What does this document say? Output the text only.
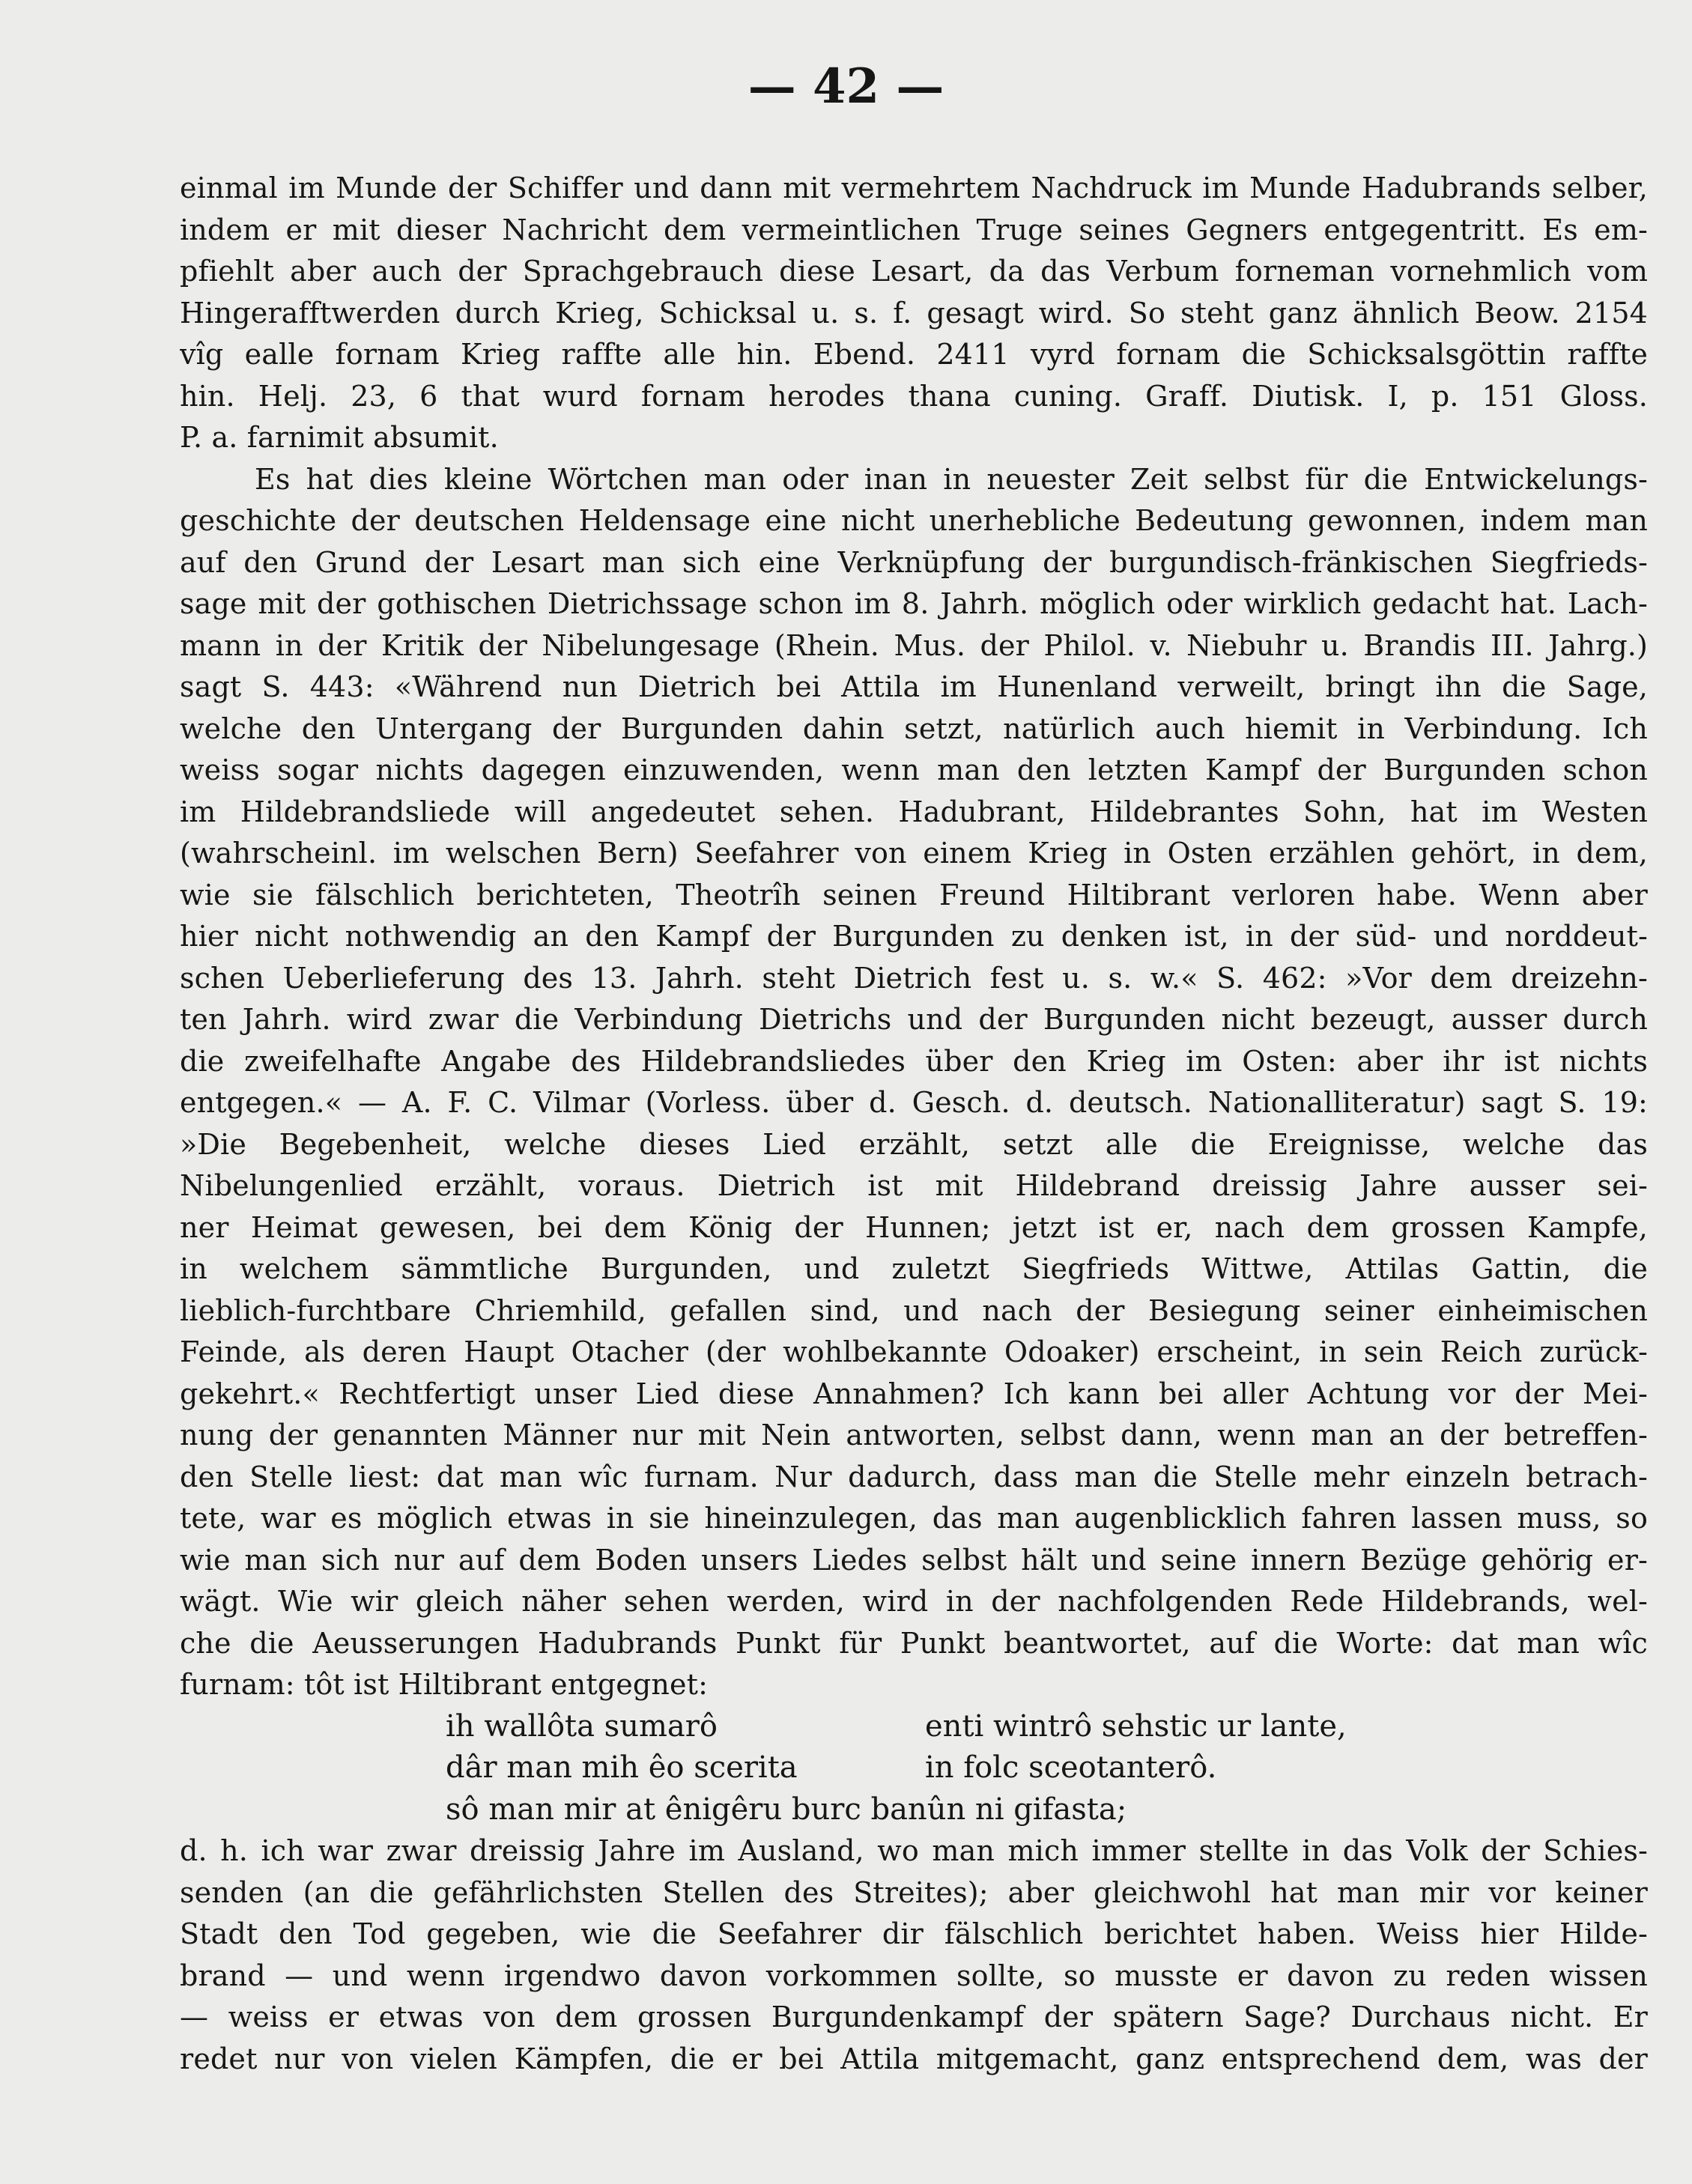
— 42 —
einmal im Munde der Schiffer und dann mit vermehrtem Nachdruck im Munde Hadubrands selber,
indem er mit dieser Nachricht dem vermeintlichen Truge seines Gegners entgegentritt. Es em-
pfiehlt aber auch der Sprachgebrauch diese Lesart, da das Verbum forneman vornehmlich vom
Hingerafftwerden durch Krieg, Schicksal u. s. f. gesagt wird. So steht ganz ähnlich Beow. 2154
vîg ealle fornam Krieg raffte alle hin. Ebend. 2411 vyrd fornam die Schicksalsgöttin raffte
hin. Helj. 23, 6 that wurd fornam herodes thana cuning. Graff. Diutisk. I, p. 151 Gloss.
P. a. farnimit absumit.
Es hat dies kleine Wörtchen man oder inan in neuester Zeit selbst für die Entwickelungs-
geschichte der deutschen Heldensage eine nicht unerhebliche Bedeutung gewonnen, indem man
auf den Grund der Lesart man sich eine Verknüpfung der burgundisch-fränkischen Siegfrieds-
sage mit der gothischen Dietrichssage schon im 8. Jahrh. möglich oder wirklich gedacht hat. Lach-
mann in der Kritik der Nibelungesage (Rhein. Mus. der Philol. v. Niebuhr u. Brandis III. Jahrg.)
sagt S. 443: «Während nun Dietrich bei Attila im Hunenland verweilt, bringt ihn die Sage,
welche den Untergang der Burgunden dahin setzt, natürlich auch hiemit in Verbindung. Ich
weiss sogar nichts dagegen einzuwenden, wenn man den letzten Kampf der Burgunden schon
im Hildebrandsliede will angedeutet sehen. Hadubrant, Hildebrantes Sohn, hat im Westen
(wahrscheinl. im welschen Bern) Seefahrer von einem Krieg in Osten erzählen gehört, in dem,
wie sie fälschlich berichteten, Theotrîh seinen Freund Hiltibrant verloren habe. Wenn aber
hier nicht nothwendig an den Kampf der Burgunden zu denken ist, in der süd- und norddeut-
schen Ueberlieferung des 13. Jahrh. steht Dietrich fest u. s. w.« S. 462: »Vor dem dreizehn-
ten Jahrh. wird zwar die Verbindung Dietrichs und der Burgunden nicht bezeugt, ausser durch
die zweifelhafte Angabe des Hildebrandsliedes über den Krieg im Osten: aber ihr ist nichts
entgegen.« — A. F. C. Vilmar (Vorless. über d. Gesch. d. deutsch. Nationalliteratur) sagt S. 19:
»Die Begebenheit, welche dieses Lied erzählt, setzt alle die Ereignisse, welche das
Nibelungenlied erzählt, voraus. Dietrich ist mit Hildebrand dreissig Jahre ausser sei-
ner Heimat gewesen, bei dem König der Hunnen; jetzt ist er, nach dem grossen Kampfe,
in welchem sämmtliche Burgunden, und zuletzt Siegfrieds Wittwe, Attilas Gattin, die
lieblich-furchtbare Chriemhild, gefallen sind, und nach der Besiegung seiner einheimischen
Feinde, als deren Haupt Otacher (der wohlbekannte Odoaker) erscheint, in sein Reich zurück-
gekehrt.« Rechtfertigt unser Lied diese Annahmen? Ich kann bei aller Achtung vor der Mei-
nung der genannten Männer nur mit Nein antworten, selbst dann, wenn man an der betreffen-
den Stelle liest: dat man wîc furnam. Nur dadurch, dass man die Stelle mehr einzeln betrach-
tete, war es möglich etwas in sie hineinzulegen, das man augenblicklich fahren lassen muss, so
wie man sich nur auf dem Boden unsers Liedes selbst hält und seine innern Bezüge gehörig er-
wägt. Wie wir gleich näher sehen werden, wird in der nachfolgenden Rede Hildebrands, wel-
che die Aeusserungen Hadubrands Punkt für Punkt beantwortet, auf die Worte: dat man wîc
furnam: tôt ist Hiltibrant entgegnet:
ih wallôta sumarô	enti wintrô sehstic ur lante,
dâr man mih êo scerita	in folc sceotanterô.
sô man mir at ênigêru burc banûn ni gifasta;
d. h. ich war zwar dreissig Jahre im Ausland, wo man mich immer stellte in das Volk der Schies-
senden (an die gefährlichsten Stellen des Streites); aber gleichwohl hat man mir vor keiner
Stadt den Tod gegeben, wie die Seefahrer dir fälschlich berichtet haben. Weiss hier Hilde-
brand — und wenn irgendwo davon vorkommen sollte, so musste er davon zu reden wissen
— weiss er etwas von dem grossen Burgundenkampf der spätern Sage? Durchaus nicht. Er
redet nur von vielen Kämpfen, die er bei Attila mitgemacht, ganz entsprechend dem, was der
